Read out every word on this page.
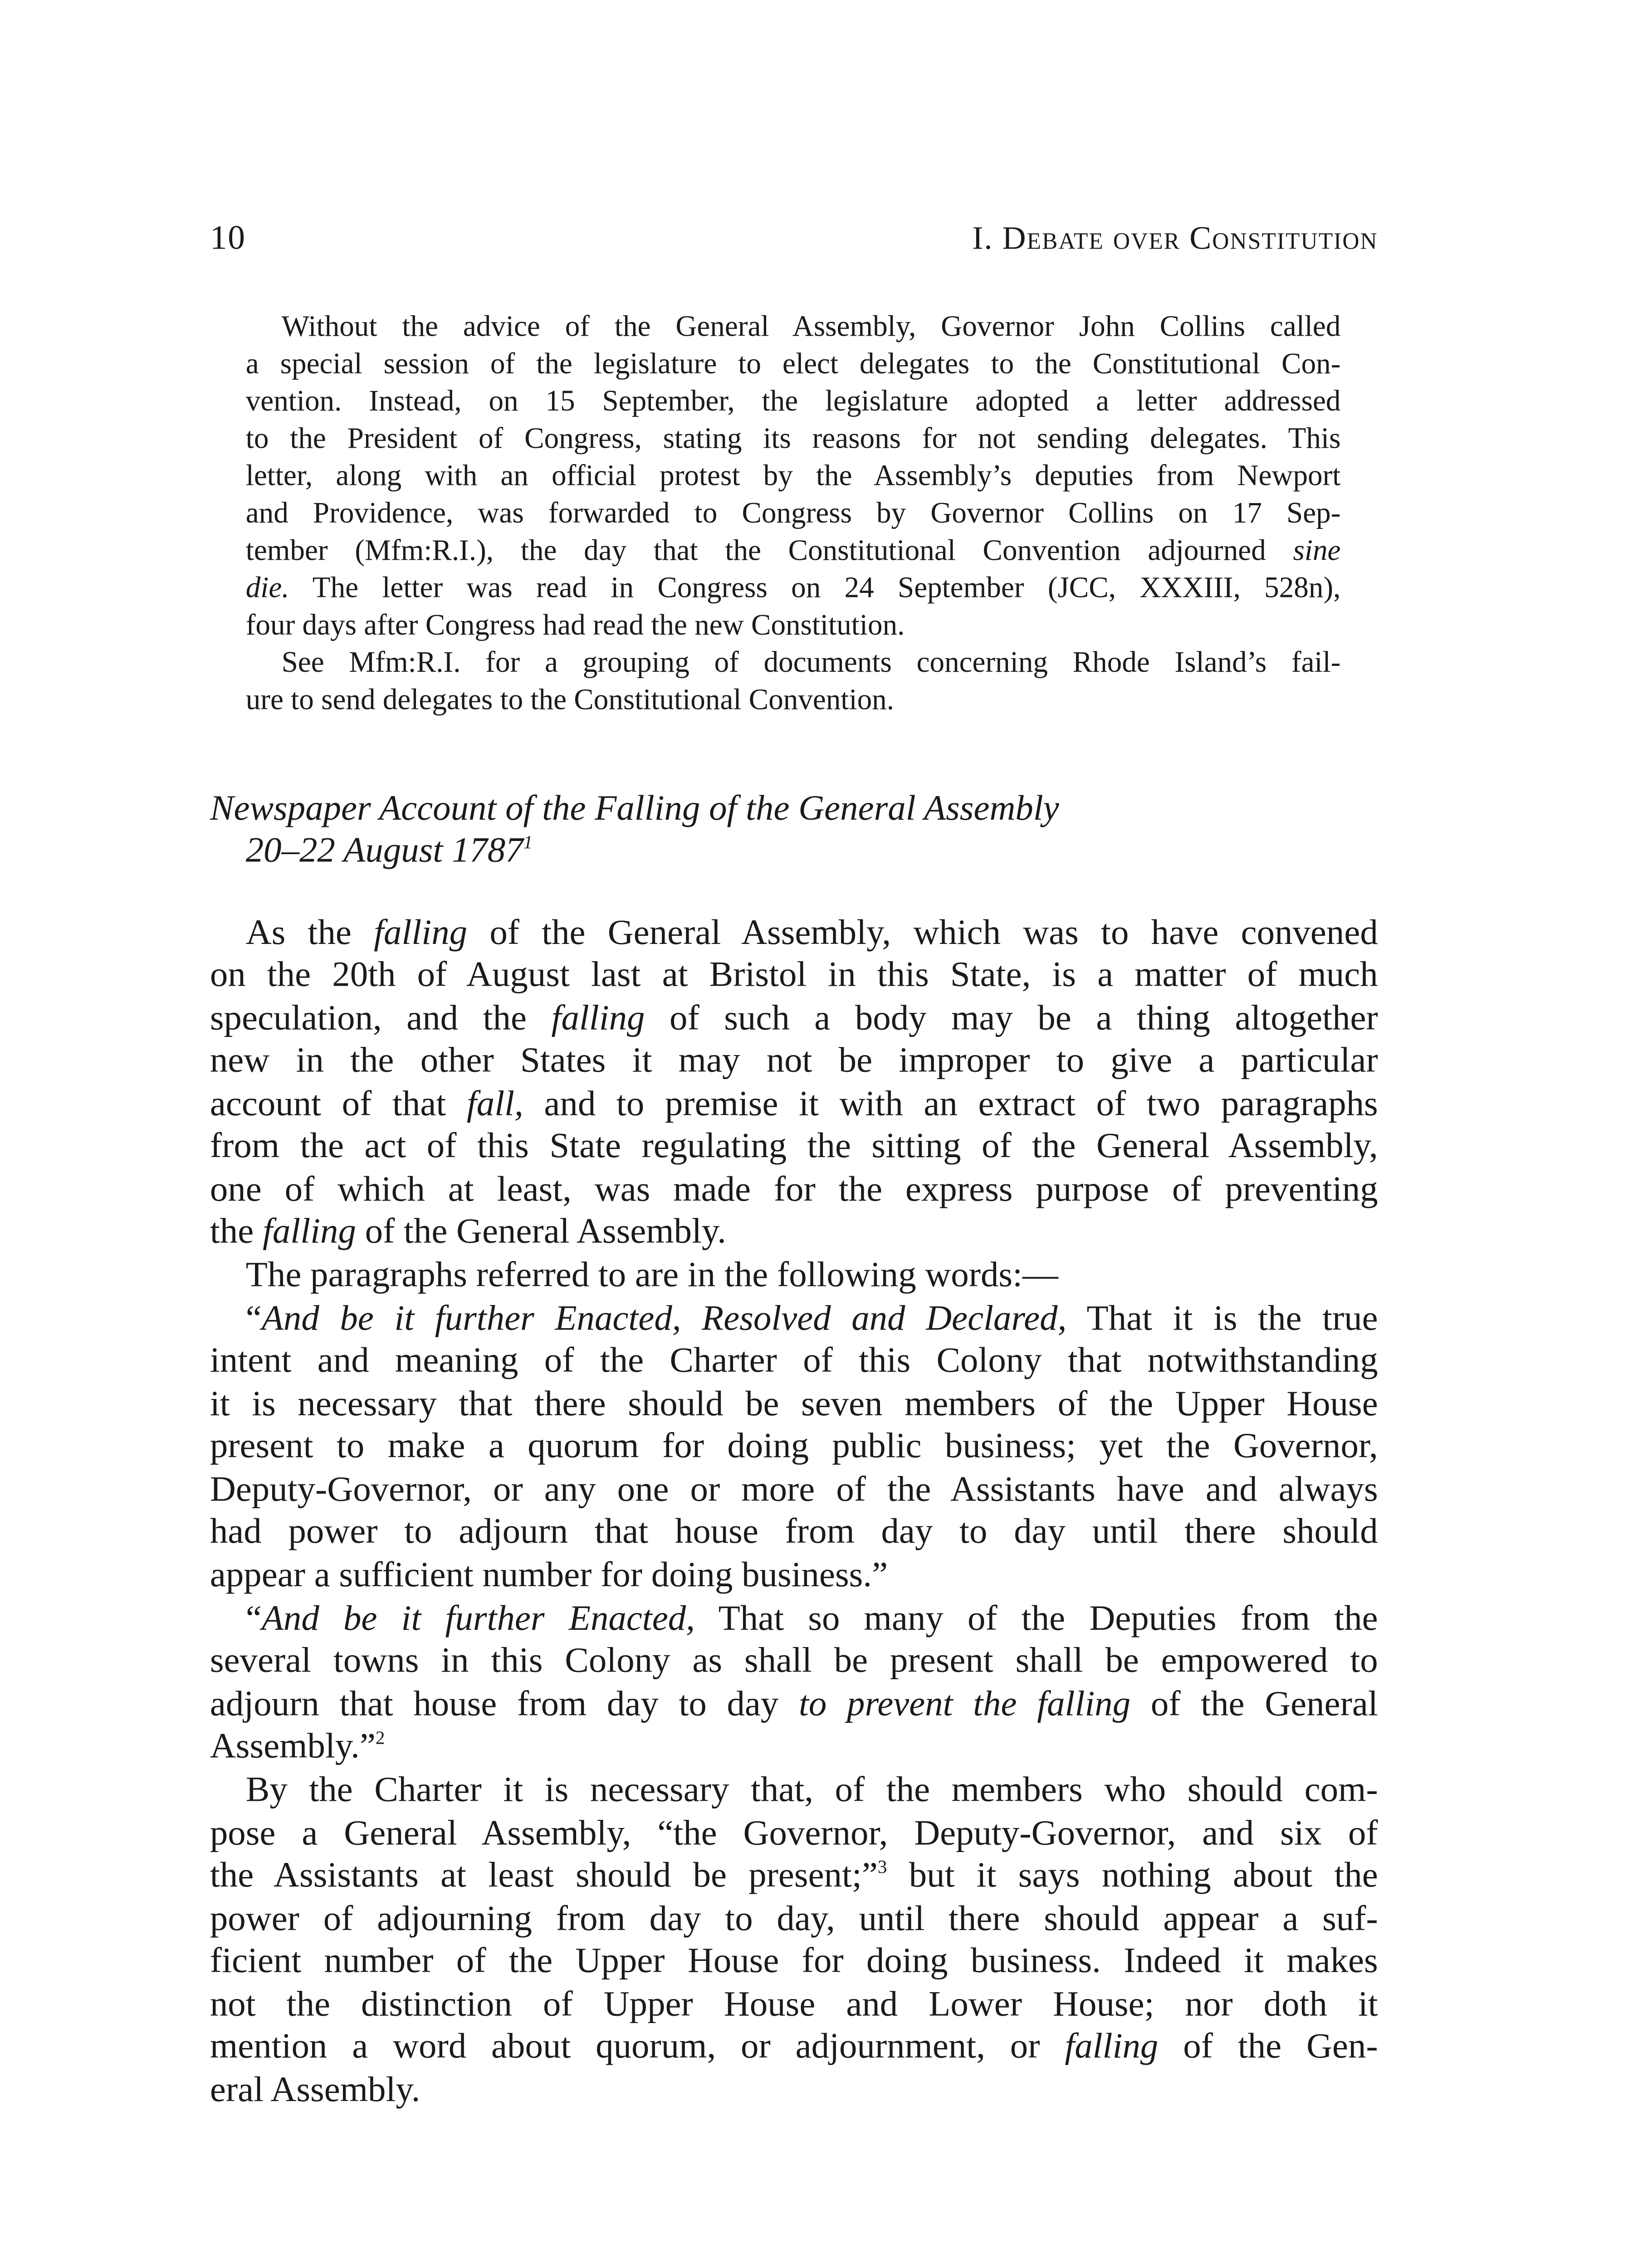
10	I. Debate over Constitution
Without the advice of the General Assembly, Governor John Collins called
a special session of the legislature to elect delegates to the Constitutional Con-
vention. Instead, on 15 September, the legislature adopted a letter addressed
to the President of Congress, stating its reasons for not sending delegates. This
letter, along with an official protest by the Assembly’s deputies from Newport
and Providence, was forwarded to Congress by Governor Collins on 17 Sep-
tember (Mfm:R.I.), the day that the Constitutional Convention adjourned	sine
die.	The letter was read in Congress on 24 September (JCC, XXXIII, 528n),
four days after Congress had read the new Constitution.
See Mfm:R.I. for a grouping of documents concerning Rhode Island’s fail-
ure to send delegates to the Constitutional Convention.
Newspaper Account of the Falling of the General Assembly
20–22 August 1787$^1$
As the falling of the General Assembly, which was to have convened
on the 20th of August last at Bristol in this State, is a matter of much
speculation, and the falling of such a body may be a thing altogether
new in the other States it may not be improper to give a particular
account of that fall, and to premise it with an extract of two paragraphs
from the act of this State regulating the sitting of the General Assembly,
one of which at least, was made for the express purpose of preventing
the falling of the General Assembly.
The paragraphs referred to are in the following words:—
“And be it further Enacted, Resolved and Declared, That it is the true
intent and meaning of the Charter of this Colony that notwithstanding
it is necessary that there should be seven members of the Upper House
present to make a quorum for doing public business; yet the Governor,
Deputy-Governor, or any one or more of the Assistants have and always
had power to adjourn that house from day to day until there should
appear a sufficient number for doing business.”
“And be it further Enacted, That so many of the Deputies from the
several towns in this Colony as shall be present shall be empowered to
adjourn that house from day to day to prevent the falling of the General
Assembly.”$^2$
By the Charter it is necessary that, of the members who should com-
pose a General Assembly, “the Governor, Deputy-Governor, and six of
the Assistants at least should be present;”$^3$ but it says nothing about the
power of adjourning from day to day, until there should appear a suf-
ficient number of the Upper House for doing business. Indeed it makes
not the distinction of Upper House and Lower House; nor doth it
mention a word about quorum, or adjournment, or falling of the Gen-
eral Assembly.
